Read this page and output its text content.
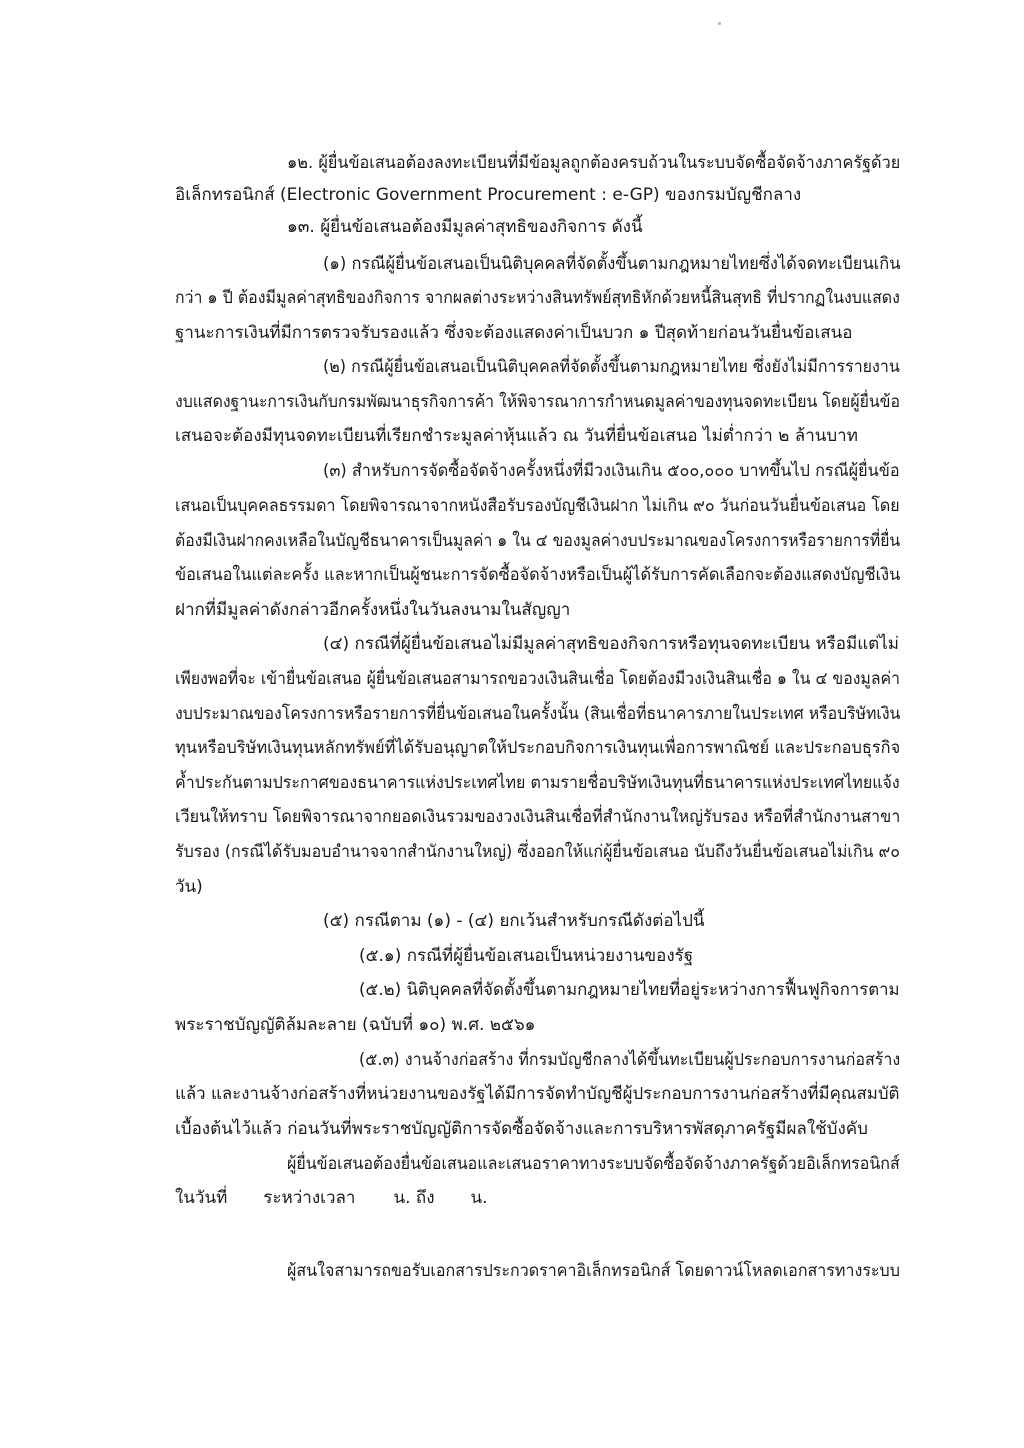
๑๒. ผู้ยื่นข้อเสนอต้องลงทะเบียนที่มีข้อมูลถูกต้องครบถ้วนในระบบจัดซื้อจัดจ้างภาครัฐด้วย
อิเล็กทรอนิกส์ (Electronic Government Procurement : e-GP) ของกรมบัญชีกลาง
๑๓. ผู้ยื่นข้อเสนอต้องมีมูลค่าสุทธิของกิจการ ดังนี้
(๑) กรณีผู้ยื่นข้อเสนอเป็นนิติบุคคลที่จัดตั้งขึ้นตามกฎหมายไทยซึ่งได้จดทะเบียนเกิน
กว่า ๑ ปี ต้องมีมูลค่าสุทธิของกิจการ จากผลต่างระหว่างสินทรัพย์สุทธิหักด้วยหนี้สินสุทธิ ที่ปรากฏในงบแสดง
ฐานะการเงินที่มีการตรวจรับรองแล้ว ซึ่งจะต้องแสดงค่าเป็นบวก ๑ ปีสุดท้ายก่อนวันยื่นข้อเสนอ
(๒) กรณีผู้ยื่นข้อเสนอเป็นนิติบุคคลที่จัดตั้งขึ้นตามกฎหมายไทย ซึ่งยังไม่มีการรายงาน
งบแสดงฐานะการเงินกับกรมพัฒนาธุรกิจการค้า ให้พิจารณาการกำหนดมูลค่าของทุนจดทะเบียน โดยผู้ยื่นข้อ
เสนอจะต้องมีทุนจดทะเบียนที่เรียกชำระมูลค่าหุ้นแล้ว ณ วันที่ยื่นข้อเสนอ ไม่ต่ำกว่า ๒ ล้านบาท
(๓) สำหรับการจัดซื้อจัดจ้างครั้งหนึ่งที่มีวงเงินเกิน ๕๐๐,๐๐๐ บาทขึ้นไป กรณีผู้ยื่นข้อ
เสนอเป็นบุคคลธรรมดา โดยพิจารณาจากหนังสือรับรองบัญชีเงินฝาก ไม่เกิน ๙๐ วันก่อนวันยื่นข้อเสนอ โดย
ต้องมีเงินฝากคงเหลือในบัญชีธนาคารเป็นมูลค่า ๑ ใน ๔ ของมูลค่างบประมาณของโครงการหรือรายการที่ยื่น
ข้อเสนอในแต่ละครั้ง และหากเป็นผู้ชนะการจัดซื้อจัดจ้างหรือเป็นผู้ได้รับการคัดเลือกจะต้องแสดงบัญชีเงิน
ฝากที่มีมูลค่าดังกล่าวอีกครั้งหนึ่งในวันลงนามในสัญญา
(๔) กรณีที่ผู้ยื่นข้อเสนอไม่มีมูลค่าสุทธิของกิจการหรือทุนจดทะเบียน หรือมีแต่ไม่
เพียงพอที่จะ เข้ายื่นข้อเสนอ ผู้ยื่นข้อเสนอสามารถขอวงเงินสินเชื่อ โดยต้องมีวงเงินสินเชื่อ ๑ ใน ๔ ของมูลค่า
งบประมาณของโครงการหรือรายการที่ยื่นข้อเสนอในครั้งนั้น (สินเชื่อที่ธนาคารภายในประเทศ หรือบริษัทเงิน
ทุนหรือบริษัทเงินทุนหลักทรัพย์ที่ได้รับอนุญาตให้ประกอบกิจการเงินทุนเพื่อการพาณิชย์ และประกอบธุรกิจ
ค้ำประกันตามประกาศของธนาคารแห่งประเทศไทย ตามรายชื่อบริษัทเงินทุนที่ธนาคารแห่งประเทศไทยแจ้ง
เวียนให้ทราบ โดยพิจารณาจากยอดเงินรวมของวงเงินสินเชื่อที่สำนักงานใหญ่รับรอง หรือที่สำนักงานสาขา
รับรอง (กรณีได้รับมอบอำนาจจากสำนักงานใหญ่) ซึ่งออกให้แก่ผู้ยื่นข้อเสนอ นับถึงวันยื่นข้อเสนอไม่เกิน ๙๐
วัน)
(๕) กรณีตาม (๑) - (๔) ยกเว้นสำหรับกรณีดังต่อไปนี้
(๕.๑) กรณีที่ผู้ยื่นข้อเสนอเป็นหน่วยงานของรัฐ
(๕.๒) นิติบุคคลที่จัดตั้งขึ้นตามกฎหมายไทยที่อยู่ระหว่างการฟื้นฟูกิจการตาม
พระราชบัญญัติล้มละลาย (ฉบับที่ ๑๐) พ.ศ. ๒๕๖๑
(๕.๓) งานจ้างก่อสร้าง ที่กรมบัญชีกลางได้ขึ้นทะเบียนผู้ประกอบการงานก่อสร้าง
แล้ว และงานจ้างก่อสร้างที่หน่วยงานของรัฐได้มีการจัดทำบัญชีผู้ประกอบการงานก่อสร้างที่มีคุณสมบัติ
เบื้องต้นไว้แล้ว ก่อนวันที่พระราชบัญญัติการจัดซื้อจัดจ้างและการบริหารพัสดุภาครัฐมีผลใช้บังคับ
ผู้ยื่นข้อเสนอต้องยื่นข้อเสนอและเสนอราคาทางระบบจัดซื้อจัดจ้างภาครัฐด้วยอิเล็กทรอนิกส์
ในวันที่ ระหว่างเวลา น. ถึง น.
ผู้สนใจสามารถขอรับเอกสารประกวดราคาอิเล็กทรอนิกส์ โดยดาวน์โหลดเอกสารทางระบบ
